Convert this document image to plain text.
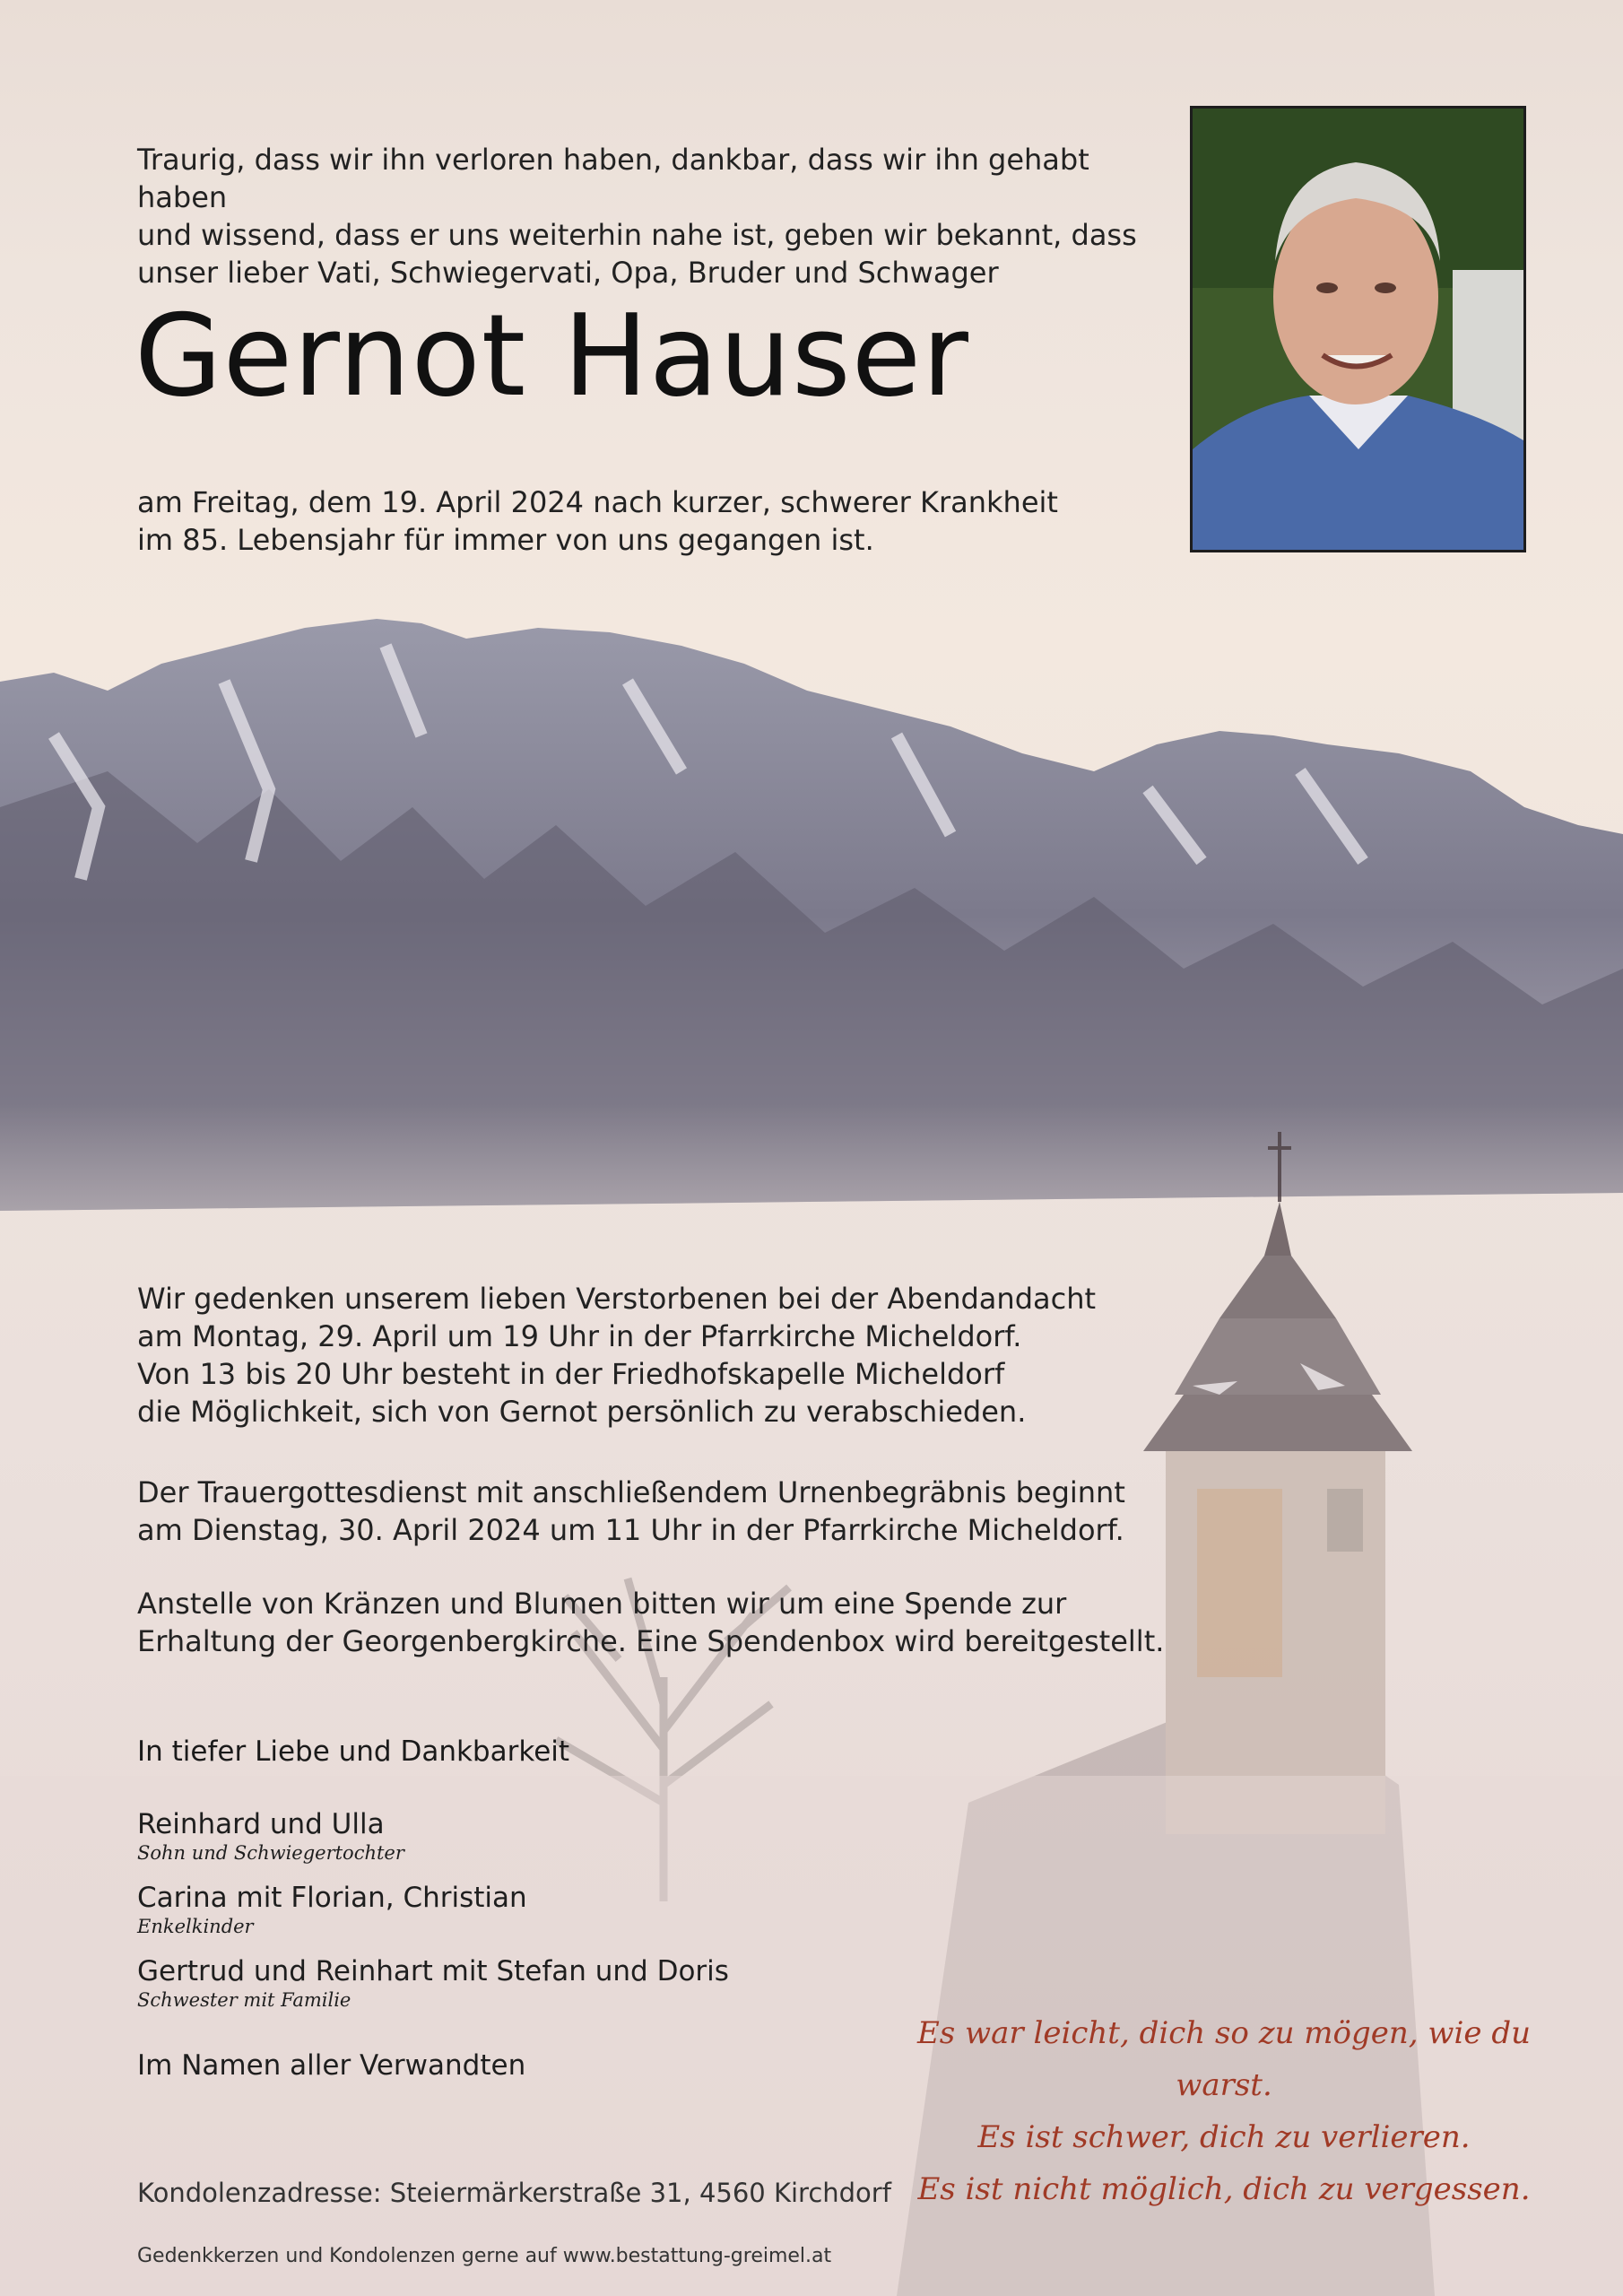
Traurig, dass wir ihn verloren haben, dankbar, dass wir ihn gehabt haben
und wissend, dass er uns weiterhin nahe ist, geben wir bekannt, dass
unser lieber Vati, Schwiegervati, Opa, Bruder und Schwager
Gernot Hauser
am Freitag, dem 19. April 2024 nach kurzer, schwerer Krankheit
im 85. Lebensjahr für immer von uns gegangen ist.
Wir gedenken unserem lieben Verstorbenen bei der Abendandacht
am Montag, 29. April um 19 Uhr in der Pfarrkirche Micheldorf.
Von 13 bis 20 Uhr besteht in der Friedhofskapelle Micheldorf
die Möglichkeit, sich von Gernot persönlich zu verabschieden.
Der Trauergottesdienst mit anschließendem Urnenbegräbnis beginnt
am Dienstag, 30. April 2024 um 11 Uhr in der Pfarrkirche Micheldorf.
Anstelle von Kränzen und Blumen bitten wir um eine Spende zur
Erhaltung der Georgenbergkirche. Eine Spendenbox wird bereitgestellt.
In tiefer Liebe und Dankbarkeit
Reinhard und Ulla
Sohn und Schwiegertochter
Carina mit Florian, Christian
Enkelkinder
Gertrud und Reinhart mit Stefan und Doris
Schwester mit Familie
Im Namen aller Verwandten
Es war leicht, dich so zu mögen, wie du warst.
Es ist schwer, dich zu verlieren.
Es ist nicht möglich, dich zu vergessen.
Kondolenzadresse: Steiermärkerstraße 31, 4560 Kirchdorf
Gedenkkerzen und Kondolenzen gerne auf www.bestattung-greimel.at
